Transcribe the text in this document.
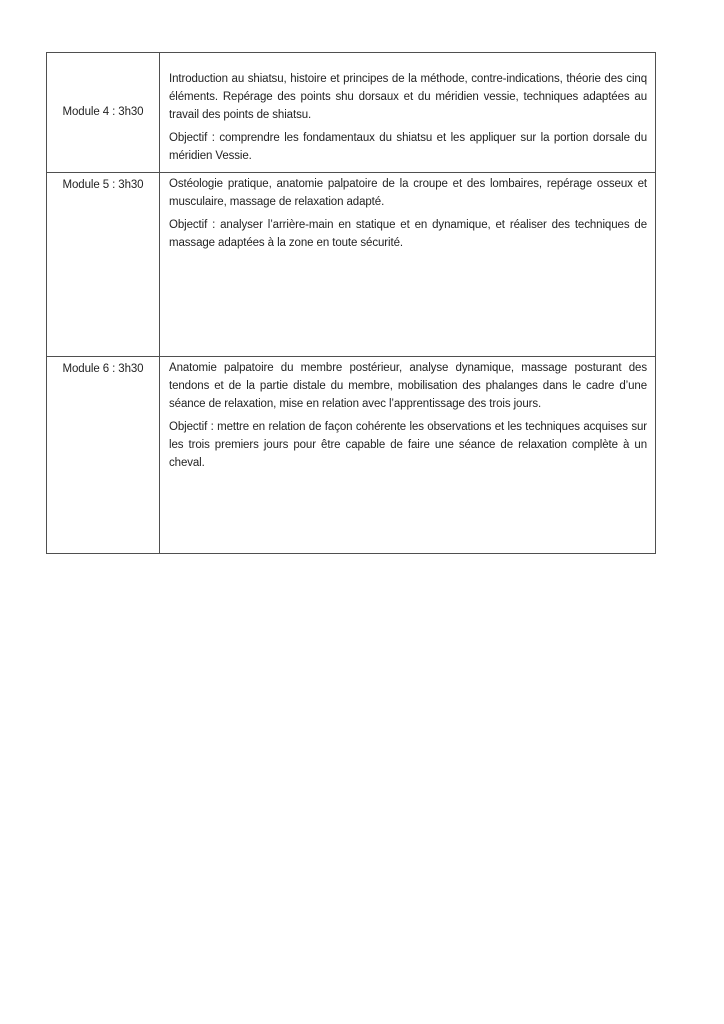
Module 4 : 3h30	Introduction au shiatsu, histoire et principes de la méthode, contre-indications, théorie des cinq éléments. Repérage des points shu dorsaux et du méridien vessie, techniques adaptées au travail des points de shiatsu.

Objectif : comprendre les fondamentaux du shiatsu et les appliquer sur la portion dorsale du méridien Vessie.

Module 5 : 3h30	Ostéologie pratique, anatomie palpatoire de la croupe et des lombaires, repérage osseux et musculaire, massage de relaxation adapté.

Objectif : analyser l’arrière-main en statique et en dynamique, et réaliser des techniques de massage adaptées à la zone en toute sécurité.

Module 6 : 3h30	Anatomie palpatoire du membre postérieur, analyse dynamique, massage posturant des tendons et de la partie distale du membre, mobilisation des phalanges dans le cadre d’une séance de relaxation, mise en relation avec l’apprentissage des trois jours.

Objectif : mettre en relation de façon cohérente les observations et les techniques acquises sur les trois premiers jours pour être capable de faire une séance de relaxation complète à un cheval.
